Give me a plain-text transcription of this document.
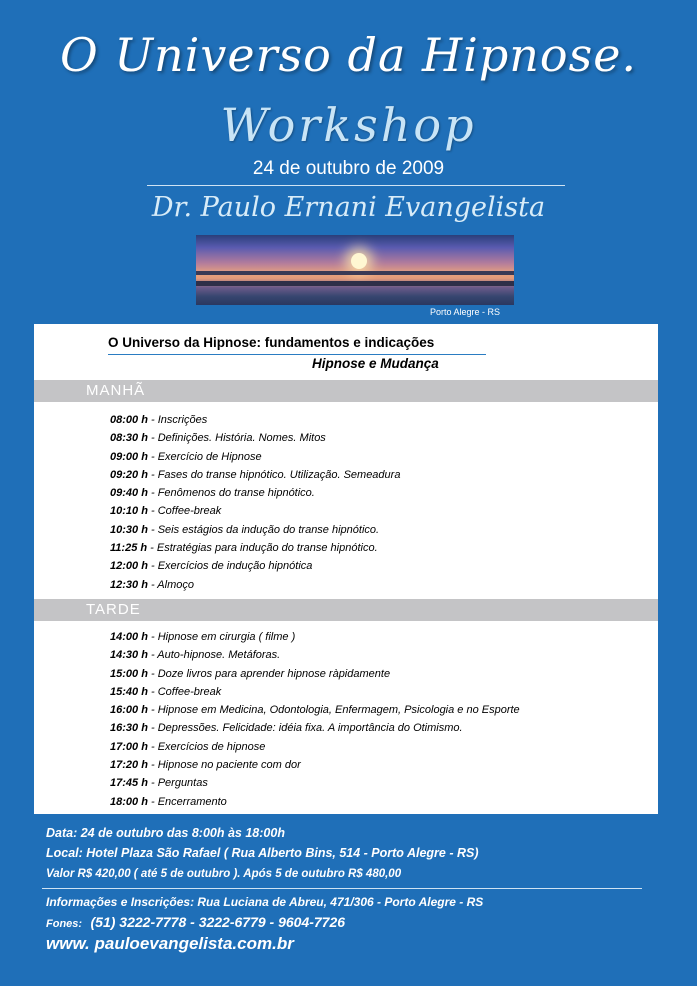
O Universo da Hipnose.
Workshop
24 de outubro de 2009
Dr. Paulo Ernani Evangelista
Porto Alegre - RS
O Universo da Hipnose: fundamentos e indicações
Hipnose e Mudança
MANHÃ
08:00 h - Inscrições
08:30 h - Definições. História. Nomes. Mitos
09:00 h - Exercício de Hipnose
09:20 h - Fases do transe hipnótico. Utilização. Semeadura
09:40 h - Fenômenos do transe hipnótico.
10:10 h - Coffee-break
10:30 h - Seis estágios da indução do transe hipnótico.
11:25 h - Estratégias para indução do transe hipnótico.
12:00 h - Exercícios de indução hipnótica
12:30 h - Almoço
TARDE
14:00 h - Hipnose em cirurgia ( filme )
14:30 h - Auto-hipnose. Metáforas.
15:00 h - Doze livros para aprender hipnose ràpidamente
15:40 h - Coffee-break
16:00 h - Hipnose em Medicina, Odontologia, Enfermagem, Psicologia e no Esporte
16:30 h - Depressões. Felicidade: idéia fixa. A importância do Otimismo.
17:00 h - Exercícios de hipnose
17:20 h - Hipnose no paciente com dor
17:45 h - Perguntas
18:00 h - Encerramento
Data: 24 de outubro das 8:00h às 18:00h
Local: Hotel Plaza São Rafael ( Rua Alberto Bins, 514 - Porto Alegre - RS)
Valor R$ 420,00 ( até 5 de outubro ). Após 5 de outubro R$ 480,00
Informações e Inscrições: Rua Luciana de Abreu, 471/306 - Porto Alegre - RS
Fones: (51) 3222-7778 - 3222-6779 - 9604-7726
www. pauloevangelista.com.br
